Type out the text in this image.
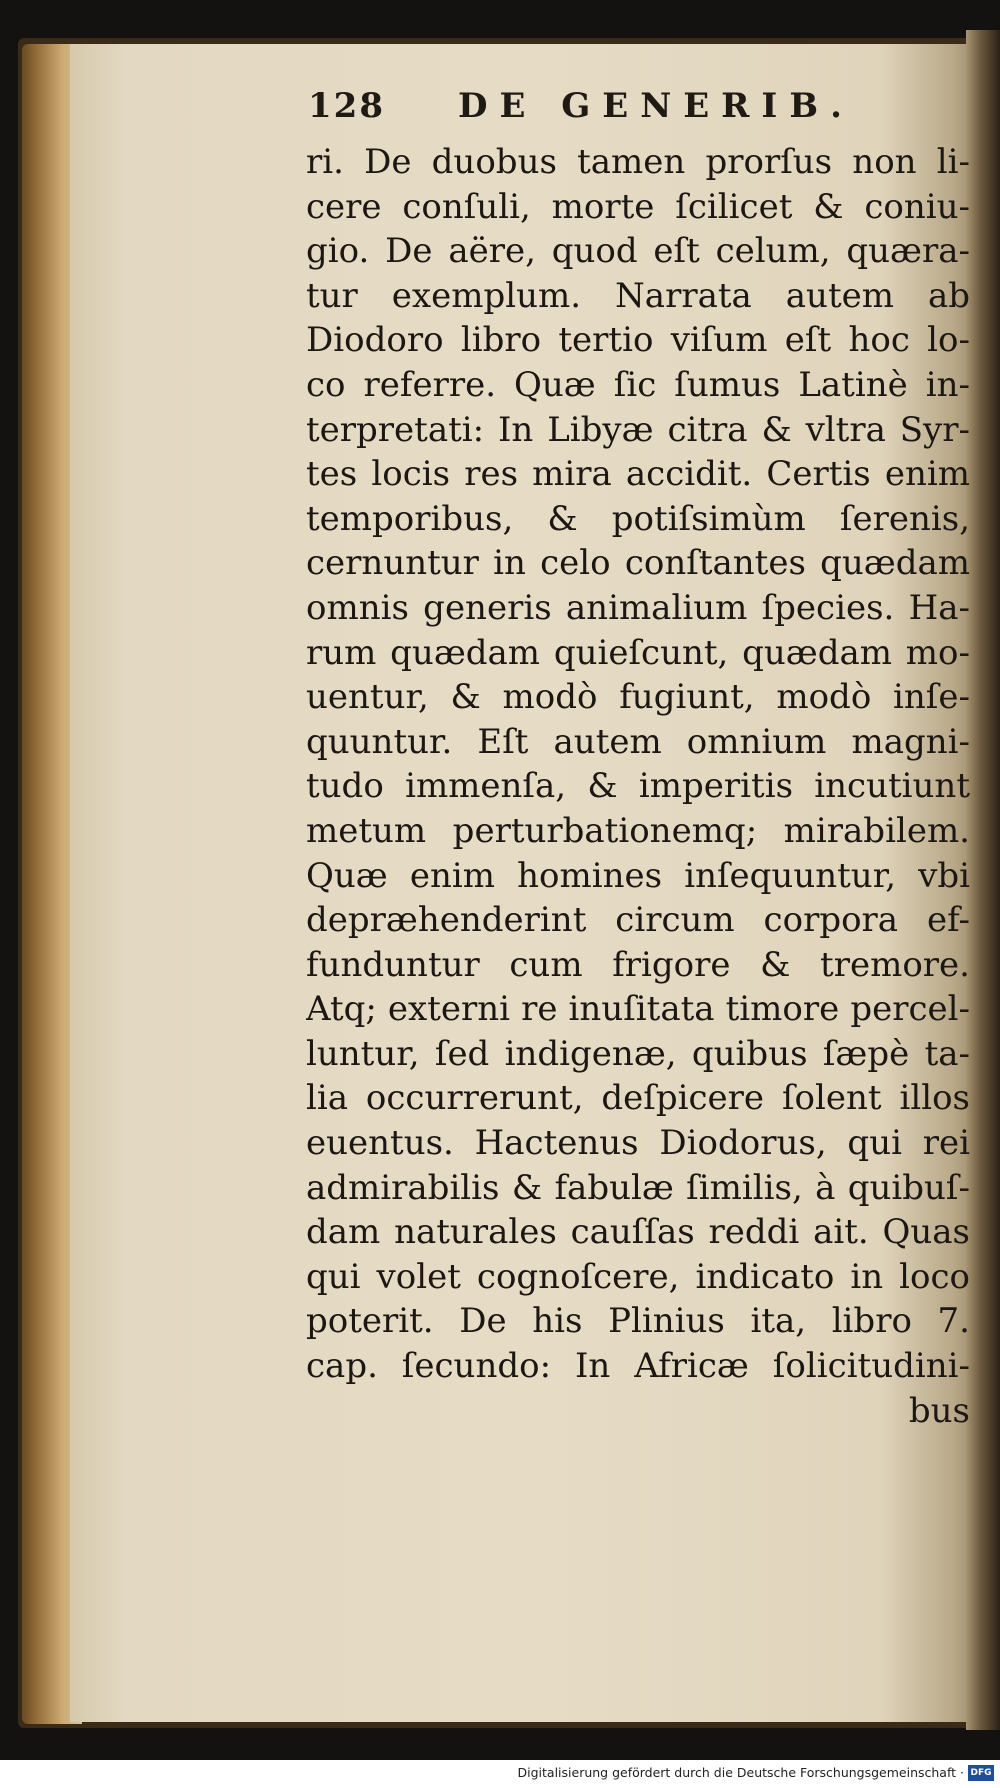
128 DE GENERIB.
ri. De duobus tamen prorſus non li-
cere conſuli, morte ſcilicet & coniu-
gio. De aëre, quod eſt celum, quæra-
tur exemplum. Narrata autem ab
Diodoro libro tertio viſum eſt hoc lo-
co referre. Quæ ſic ſumus Latinè in-
terpretati: In Libyæ citra & vltra Syr-
tes locis res mira accidit. Certis enim
temporibus, & potiſsimùm ſerenis,
cernuntur in celo conſtantes quædam
omnis generis animalium ſpecies. Ha-
rum quædam quieſcunt, quædam mo-
uentur, & modò fugiunt, modò inſe-
quuntur. Eſt autem omnium magni-
tudo immenſa, & imperitis incutiunt
metum perturbationemq; mirabilem.
Quæ enim homines inſequuntur, vbi
depræhenderint circum corpora ef-
funduntur cum frigore & tremore.
Atq; externi re inuſitata timore percel-
luntur, ſed indigenæ, quibus ſæpè ta-
lia occurrerunt, deſpicere ſolent illos
euentus. Hactenus Diodorus, qui rei
admirabilis & fabulæ ſimilis, à quibuſ-
dam naturales cauſſas reddi ait. Quas
qui volet cognoſcere, indicato in loco
poterit. De his Plinius ita, libro 7.
cap. ſecundo: In Africæ ſolicitudini-
bus
Digitalisierung gefördert durch die Deutsche Forschungsgemeinschaft · DFG
